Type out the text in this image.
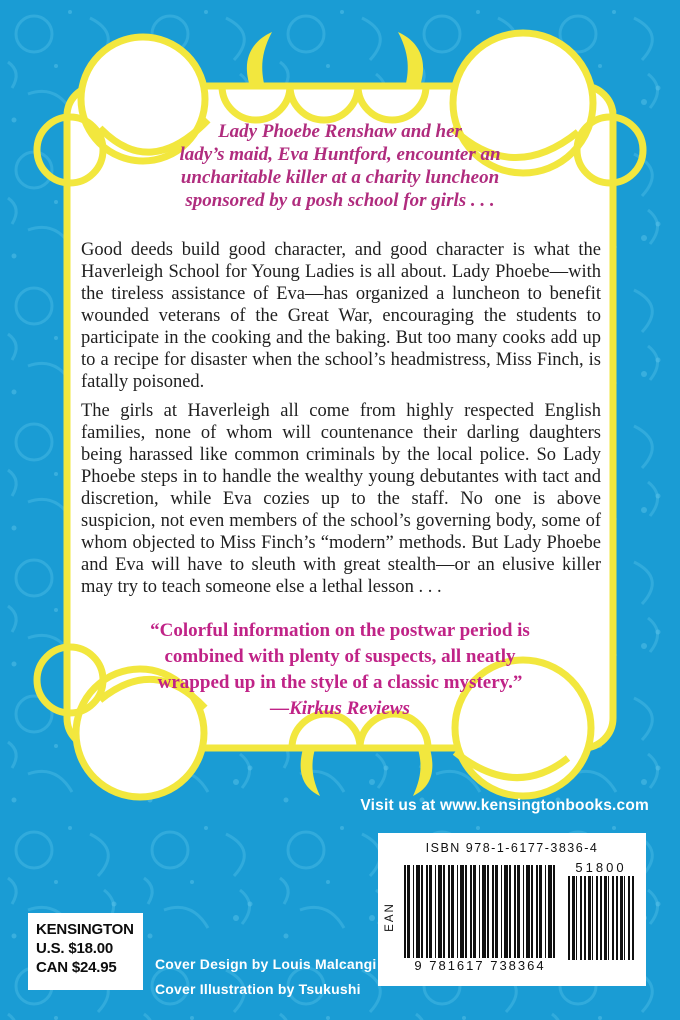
Lady Phoebe Renshaw and her
lady’s maid, Eva Huntford, encounter an
uncharitable killer at a charity luncheon
sponsored by a posh school for girls . . .

Good deeds build good character, and good character is what the Haverleigh School for Young Ladies is all about. Lady Phoebe—with the tireless assistance of Eva—has organized a luncheon to benefit wounded veterans of the Great War, encouraging the students to participate in the cooking and the baking. But too many cooks add up to a recipe for disaster when the school’s headmistress, Miss Finch, is fatally poisoned.

The girls at Haverleigh all come from highly respected English families, none of whom will countenance their darling daughters being harassed like common criminals by the local police. So Lady Phoebe steps in to handle the wealthy young debutantes with tact and discretion, while Eva cozies up to the staff. No one is above suspicion, not even members of the school’s governing body, some of whom objected to Miss Finch’s “modern” methods. But Lady Phoebe and Eva will have to sleuth with great stealth—or an elusive killer may try to teach someone else a lethal lesson . . .

“Colorful information on the postwar period is
combined with plenty of suspects, all neatly
wrapped up in the style of a classic mystery.”
—Kirkus Reviews
Visit us at www.kensingtonbooks.com
ISBN 978-1-6177-3836-4
EAN
9 781617 738364
51800
KENSINGTON
U.S. $18.00
CAN $24.95	Cover Design by Louis Malcangi
Cover Illustration by Tsukushi
